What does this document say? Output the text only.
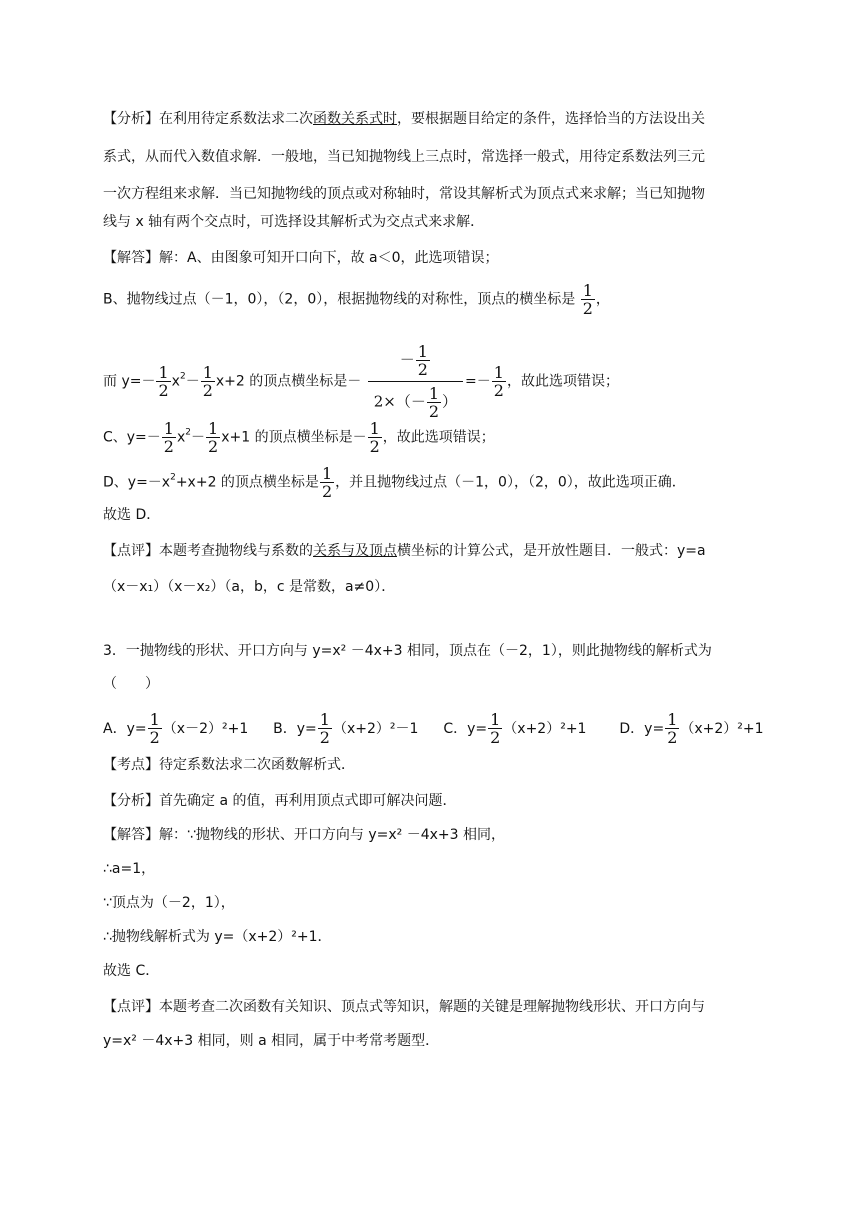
【分析】在利用待定系数法求二次函数关系式时，要根据题目给定的条件，选择恰当的方法设出关
系式，从而代入数值求解．一般地，当已知抛物线上三点时，常选择一般式，用待定系数法列三元
一次方程组来求解．当已知抛物线的顶点或对称轴时，常设其解析式为顶点式来求解；当已知抛物
线与 x 轴有两个交点时，可选择设其解析式为交点式来求解．
【解答】解：A、由图象可知开口向下，故 a＜0，此选项错误；
B、抛物线过点（－1，0），（2，0），根据抛物线的对称性，顶点的横坐标是 $\frac{1}{2}$ ，
而 $y=- \frac{1}{2} x^2- \frac{1}{2} x+2$ 的顶点横坐标是－ $\frac{- \frac{1}{2}}{2\times(- \frac{1}{2} )} =- \frac{1}{2}$ ，故此选项错误；
C、$y=- \frac{1}{2} x^2- \frac{1}{2} x+1$ 的顶点横坐标是－ $\frac{1}{2}$ ，故此选项错误；
D、$y=-x^2+x+2$ 的顶点横坐标是 $\frac{1}{2}$ ，并且抛物线过点（－1，0），（2，0），故此选项正确．
故选 D．
【点评】本题考查抛物线与系数的关系与及顶点横坐标的计算公式，是开放性题目．一般式：y=a
（x－x₁）（x－x₂）（a，b，c 是常数，a≠0）．
3．一抛物线的形状、开口方向与 y=x² －4x+3 相同，顶点在（－2，1），则此抛物线的解析式为
（　　）
A．$y= \frac{1}{2} (x-2)^2+1$ B．$y= \frac{1}{2} (x+2)^2-1$ C．$y= \frac{1}{2} (x+2)^2+1$ D．$y= \frac{1}{2} (x+2)^2+1$
【考点】待定系数法求二次函数解析式．
【分析】首先确定 a 的值，再利用顶点式即可解决问题．
【解答】解：∵抛物线的形状、开口方向与 y=x² －4x+3 相同，
∴a=1，
∵顶点为（－2，1），
∴抛物线解析式为 y=（x+2）²+1．
故选 C．
【点评】本题考查二次函数有关知识、顶点式等知识，解题的关键是理解抛物线形状、开口方向与
y=x² －4x+3 相同，则 a 相同，属于中考常考题型．
